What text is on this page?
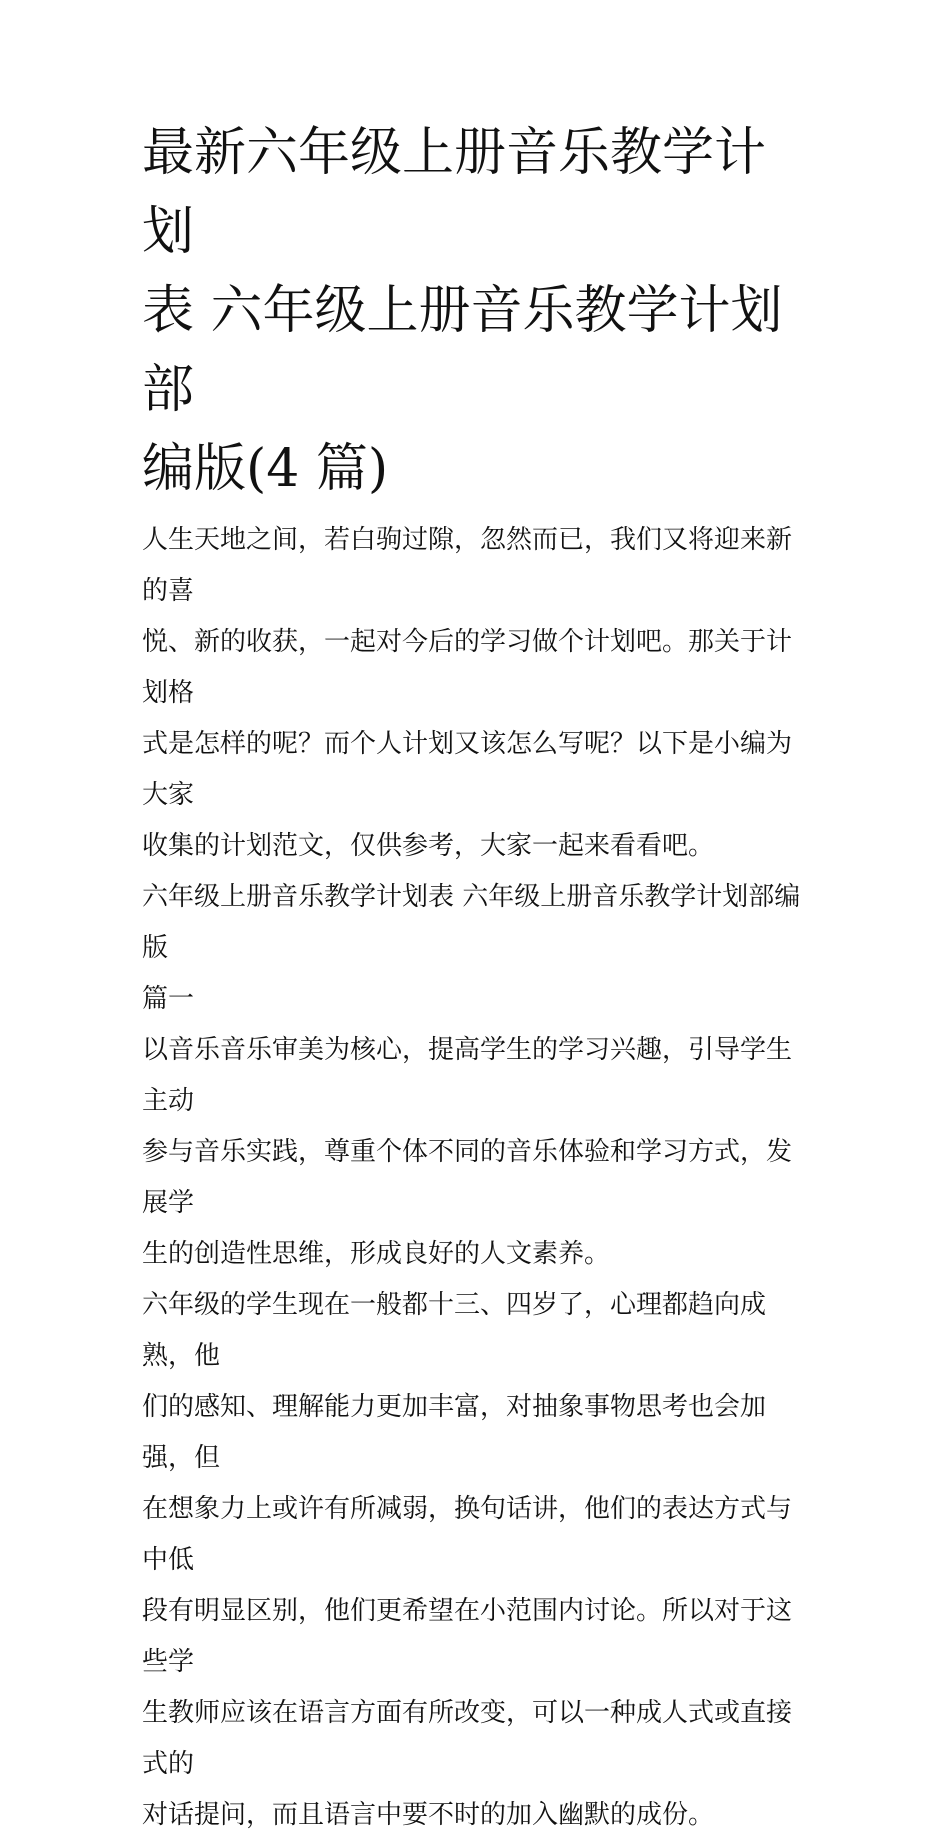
最新六年级上册音乐教学计划
表 六年级上册音乐教学计划部
编版(4 篇)

人生天地之间，若白驹过隙，忽然而已，我们又将迎来新的喜
悦、新的收获，一起对今后的学习做个计划吧。那关于计划格
式是怎样的呢？而个人计划又该怎么写呢？以下是小编为大家
收集的计划范文，仅供参考，大家一起来看看吧。

六年级上册音乐教学计划表 六年级上册音乐教学计划部编版
篇一

以音乐音乐审美为核心，提高学生的学习兴趣，引导学生主动
参与音乐实践，尊重个体不同的音乐体验和学习方式，发展学
生的创造性思维，形成良好的人文素养。

六年级的学生现在一般都十三、四岁了，心理都趋向成熟，他
们的感知、理解能力更加丰富，对抽象事物思考也会加强，但
在想象力上或许有所减弱，换句话讲，他们的表达方式与中低
段有明显区别，他们更希望在小范围内讨论。所以对于这些学
生教师应该在语言方面有所改变，可以一种成人式或直接式的
对话提问，而且语言中要不时的加入幽默的成份。
